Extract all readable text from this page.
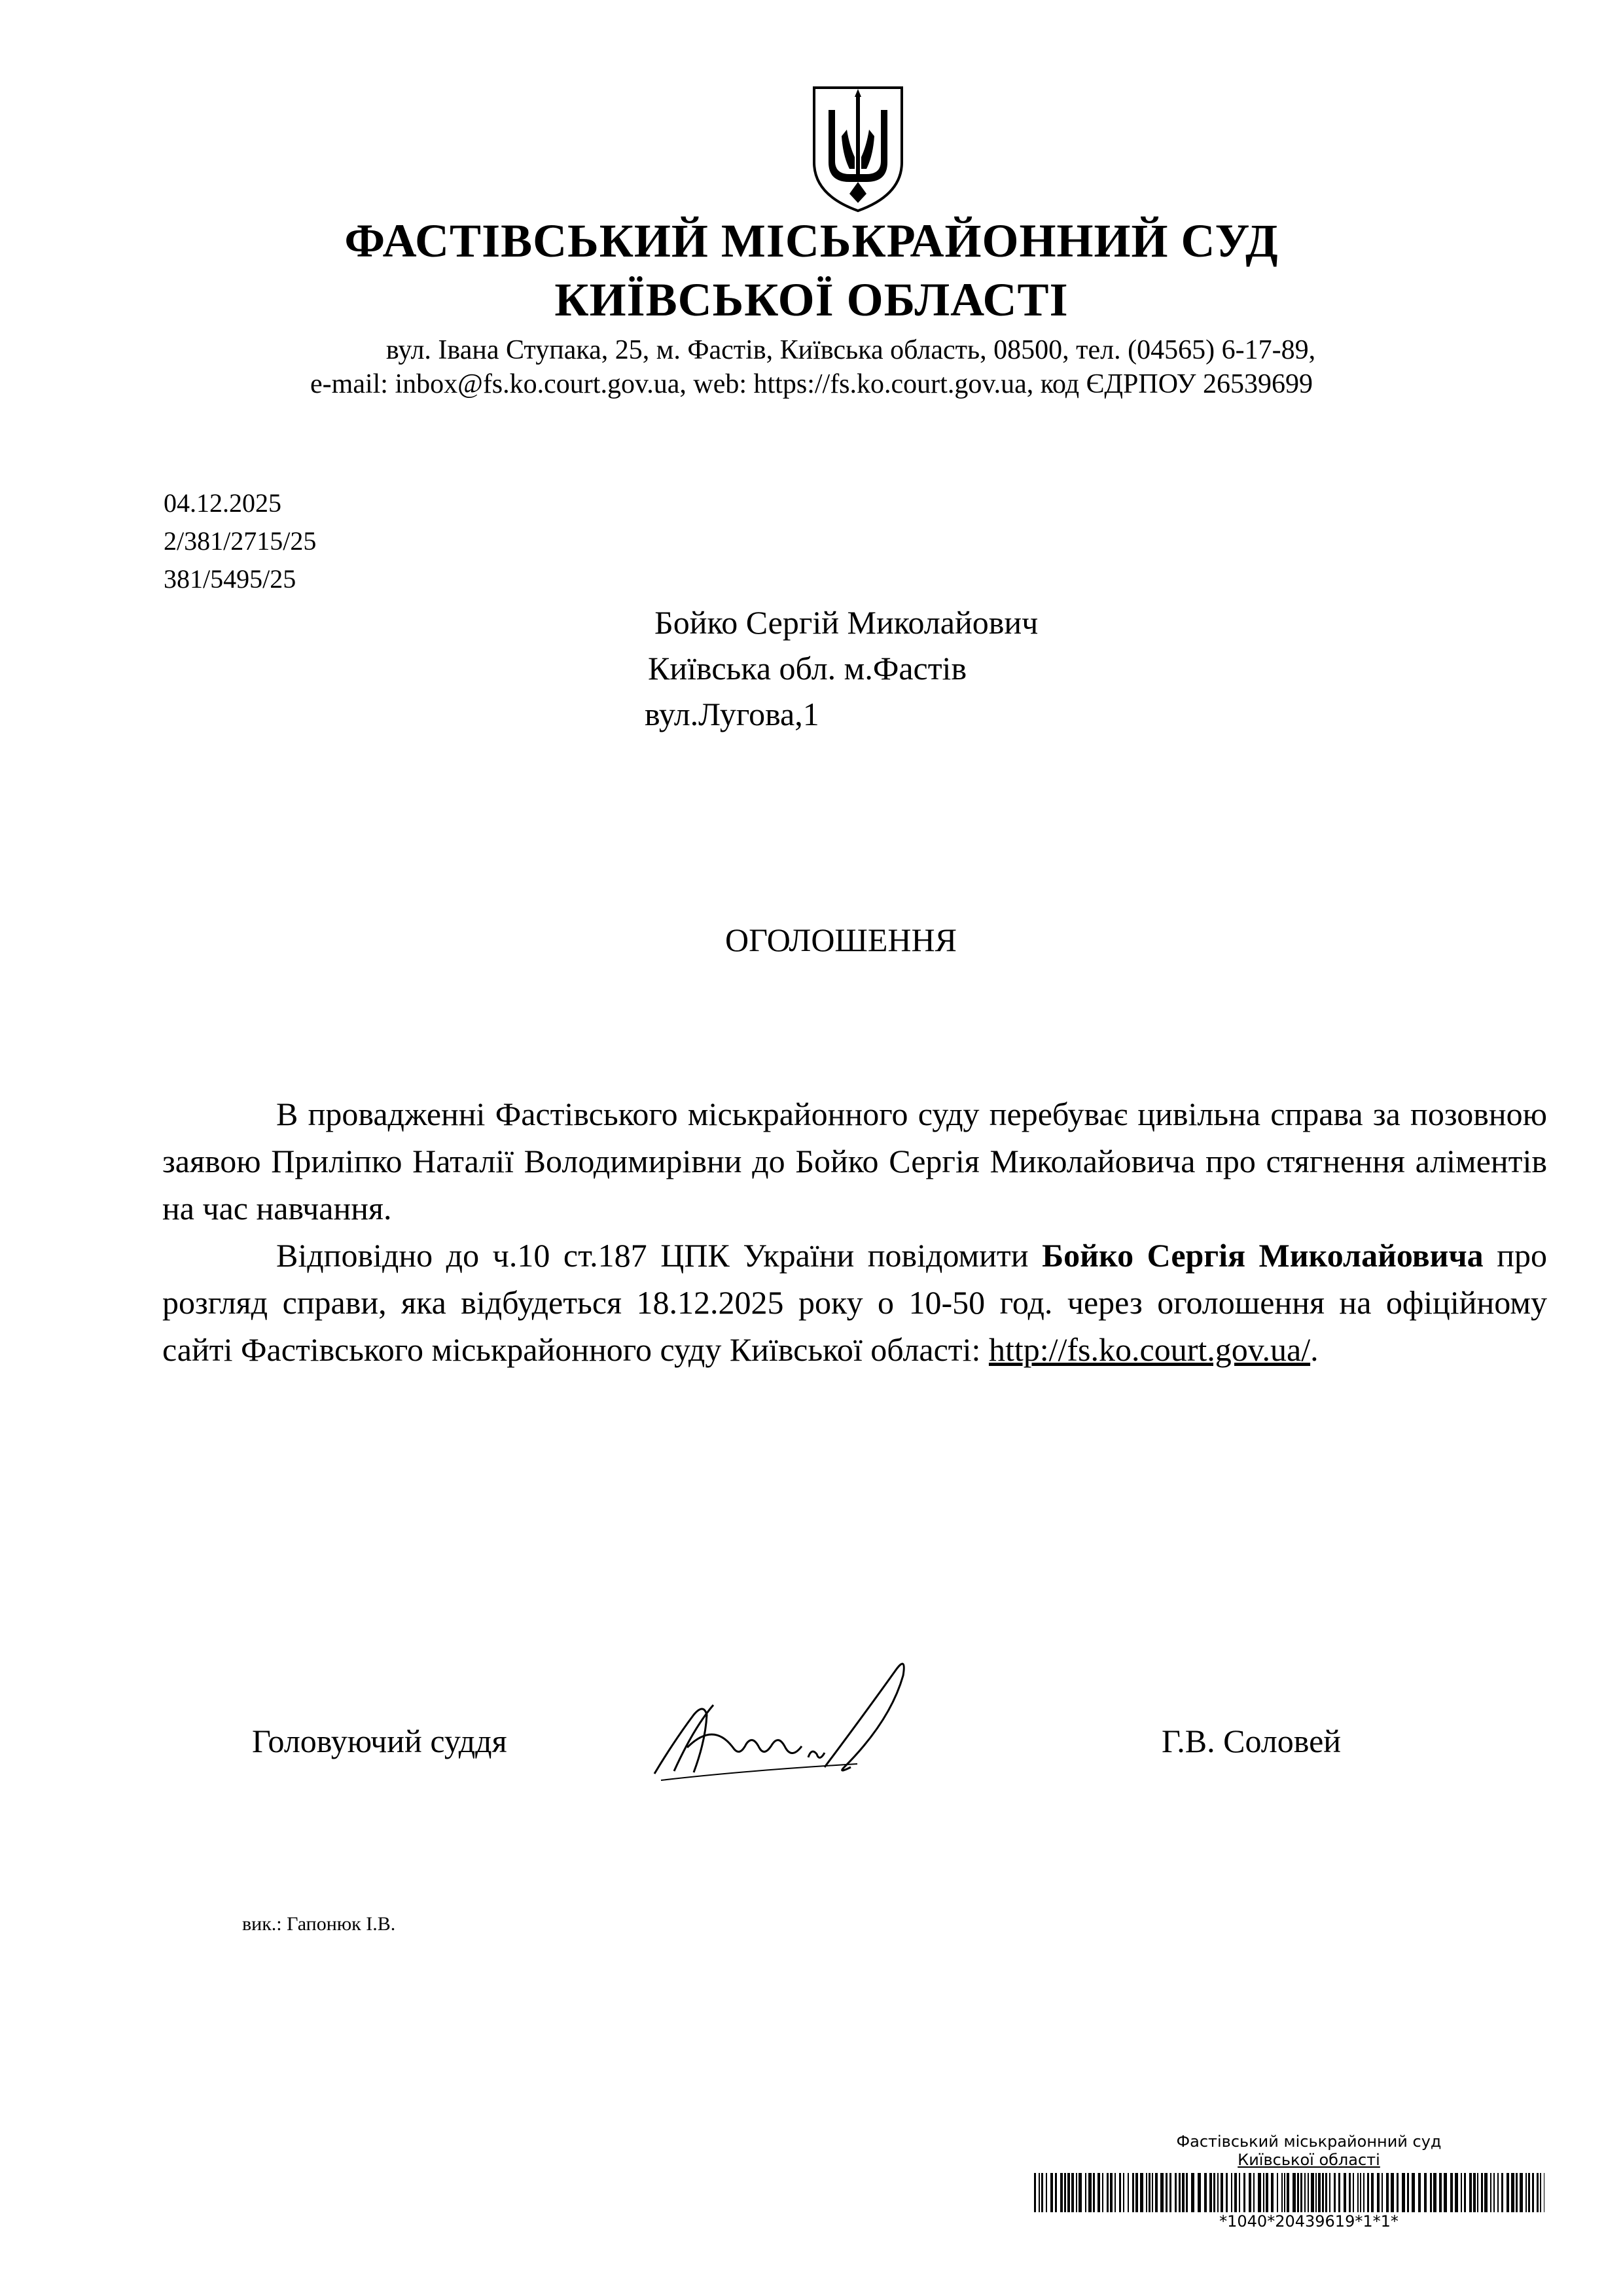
ФАСТІВСЬКИЙ МІСЬКРАЙОННИЙ СУД
КИЇВСЬКОЇ ОБЛАСТІ
вул. Івана Ступака, 25, м. Фастів, Київська область, 08500, тел. (04565) 6-17-89,
e-mail: inbox@fs.ko.court.gov.ua, web: https://fs.ko.court.gov.ua, код ЄДРПОУ 26539699
04.12.2025
2/381/2715/25
381/5495/25
Бойко Сергій Миколайович
Київська обл. м.Фастів
вул.Лугова,1
ОГОЛОШЕННЯ

В провадженні Фастівського міськрайонного суду перебуває цивільна справа за позовною заявою Приліпко Наталії Володимирівни до Бойко Сергія Миколайовича про стягнення аліментів на час навчання.

Відповідно до ч.10 ст.187 ЦПК України повідомити Бойко Сергія Миколайовича про розгляд справи, яка відбудеться 18.12.2025 року о 10-50 год. через оголошення на офіційному сайті Фастівського міськрайонного суду Київської області: http://fs.ko.court.gov.ua/.

Головуючий суддя	Г.В. Соловей
вик.: Гапонюк І.В.
Фастівський міськрайонний суд
Київської області
*1040*20439619*1*1*
